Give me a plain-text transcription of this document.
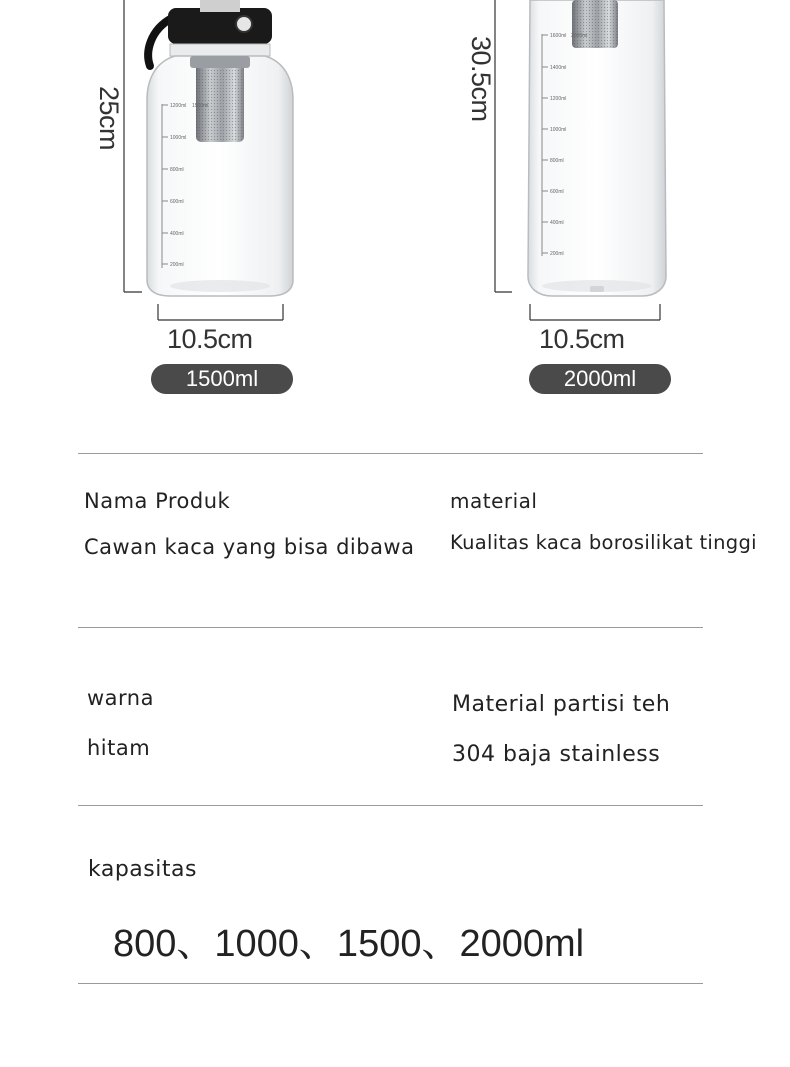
1200ml 1500ml
1000ml
800ml
600ml
400ml
200ml
1600ml 2000ml
1400ml
1200ml
1000ml
800ml
600ml
400ml
200ml
25cm
10.5cm
1500ml
30.5cm
10.5cm
2000ml
Nama Produk
Cawan kaca yang bisa dibawa
material
Kualitas kaca borosilikat tinggi
warna
hitam
Material partisi teh
304 baja stainless
kapasitas
800、1000、1500、2000ml
